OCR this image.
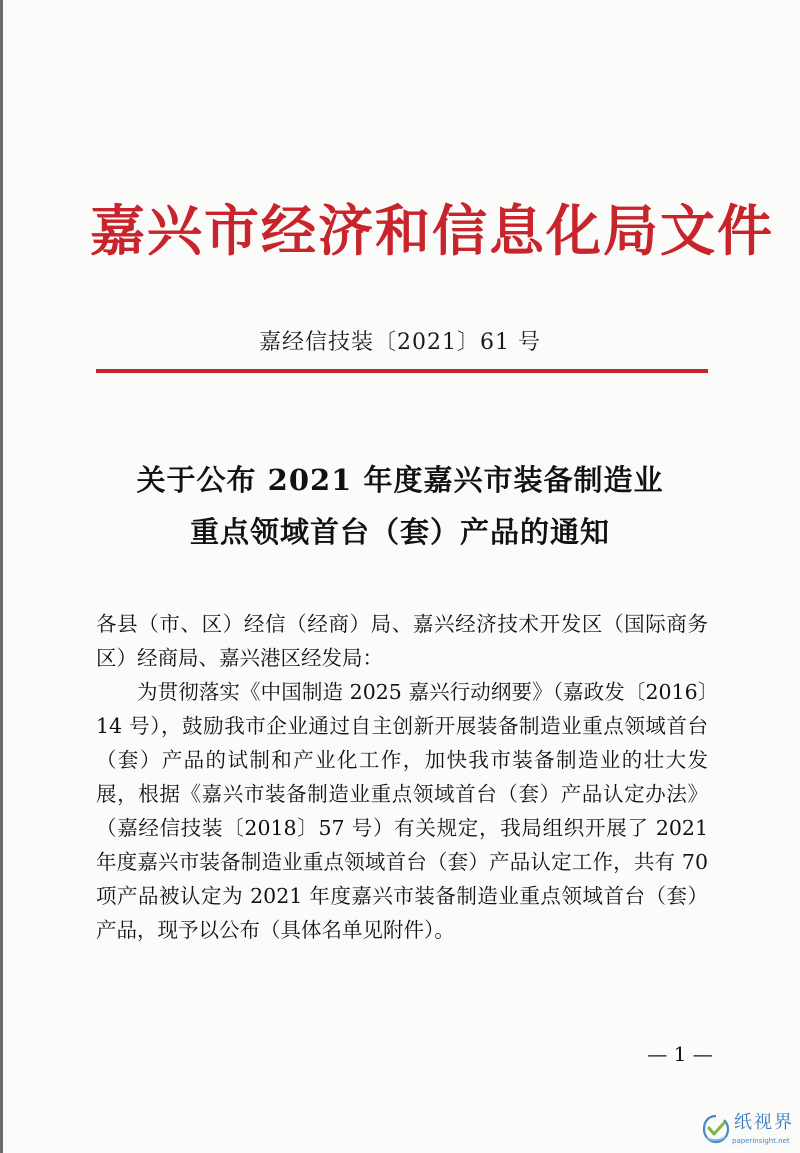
嘉兴市经济和信息化局文件
嘉经信技装〔2021〕61 号
关于公布 2021 年度嘉兴市装备制造业
重点领域首台（套）产品的通知

各县（市、区）经信（经商）局、嘉兴经济技术开发区（国际商务区）经商局、嘉兴港区经发局：

为贯彻落实《中国制造 2025 嘉兴行动纲要》（嘉政发〔2016〕14 号），鼓励我市企业通过自主创新开展装备制造业重点领域首台（套）产品的试制和产业化工作，加快我市装备制造业的壮大发展，根据《嘉兴市装备制造业重点领域首台（套）产品认定办法》（嘉经信技装〔2018〕57 号）有关规定，我局组织开展了 2021 年度嘉兴市装备制造业重点领域首台（套）产品认定工作，共有 70 项产品被认定为 2021 年度嘉兴市装备制造业重点领域首台（套）产品，现予以公布（具体名单见附件）。

— 1 —
纸视界
paperinsight.net
